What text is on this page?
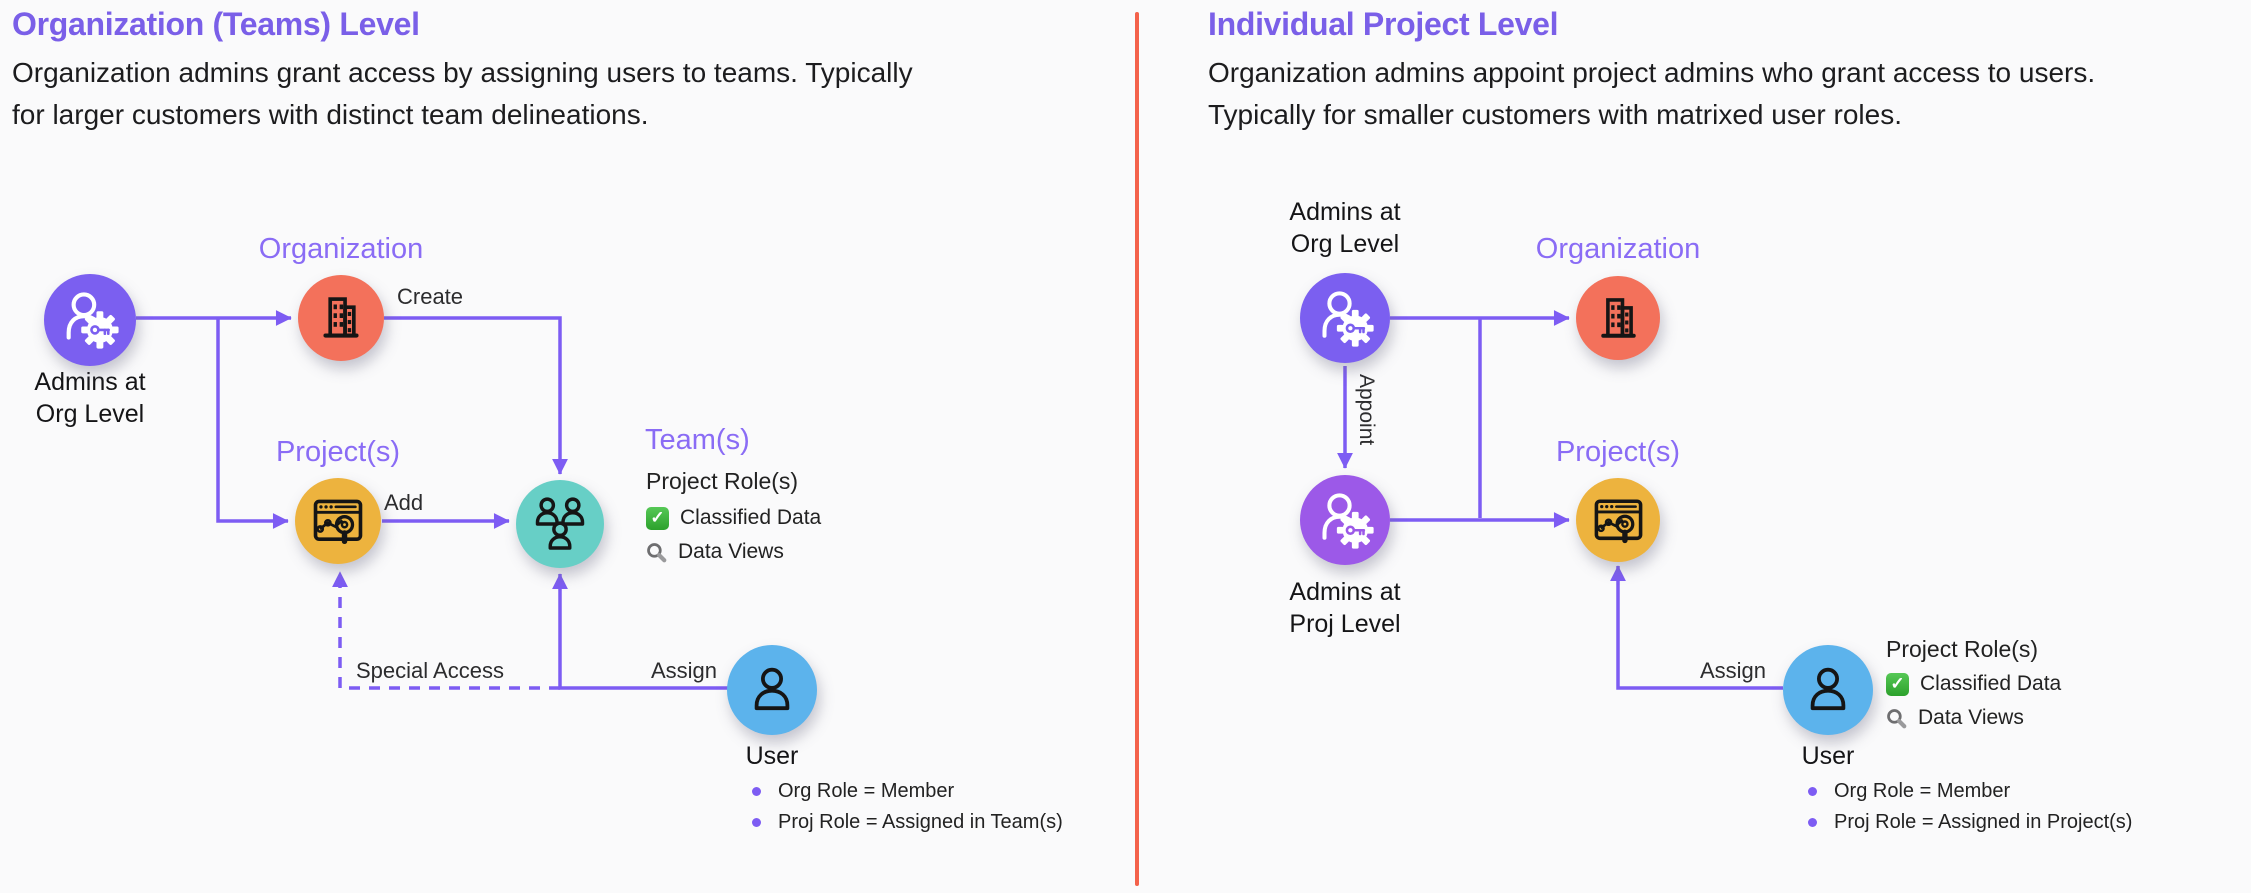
Organization (Teams) Level
Organization admins grant access by assigning users to teams. Typically
for larger customers with distinct team delineations.
Admins at
Org Level
Organization
Create
Project(s)
Add
Team(s)
Project Role(s)
✓ Classified Data
Data Views
Assign
Special Access
User
Org Role = Member
Proj Role = Assigned in Team(s)
Individual Project Level
Organization admins appoint project admins who grant access to users.
Typically for smaller customers with matrixed user roles.
Admins at
Org Level
Appoint
Organization
Admins at
Proj Level
Project(s)
Assign
Project Role(s)
✓ Classified Data
Data Views
User
Org Role = Member
Proj Role = Assigned in Project(s)
